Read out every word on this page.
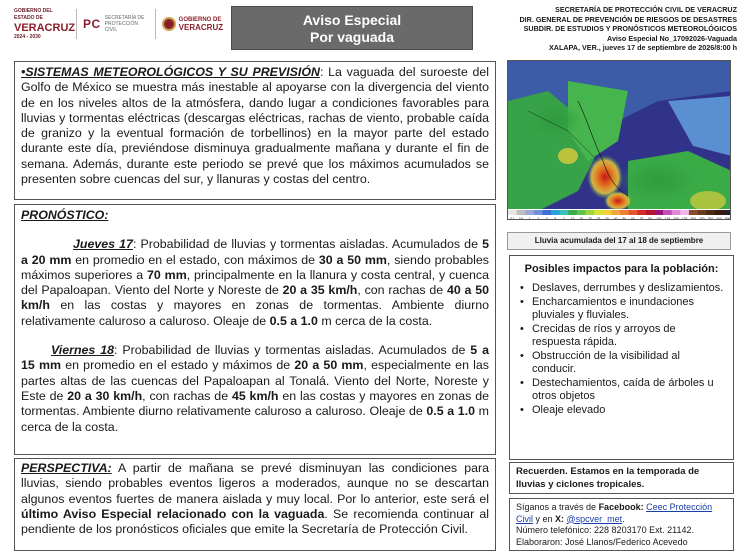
GOBIERNO DEL ESTADO DE
VERACRUZ
2024 - 2030
PC SECRETARÍA DE PROTECCIÓN CIVIL
GOBIERNO DE
VERACRUZ	Aviso Especial
Por vaguada
SECRETARÍA DE PROTECCIÓN CIVIL DE VERACRUZ
DIR. GENERAL DE PREVENCIÓN DE RIESGOS DE DESASTRES
SUBDIR. DE ESTUDIOS Y PRONÓSTICOS METEOROLÓGICOS
Aviso Especial No_17092026-Vaguada
XALAPA, VER., jueves 17 de septiembre de 2026/8:00 h
•SISTEMAS METEOROLÓGICOS Y SU PREVISIÓN: La vaguada del suroeste del Golfo de México se muestra más inestable al apoyarse con la divergencia del viento de en los niveles altos de la atmósfera, dando lugar a condiciones favorables para lluvias y tormentas eléctricas (descargas eléctricas, rachas de viento, probable caída de granizo y la eventual formación de torbellinos) en la mayor parte del estado durante este día, previéndose disminuya gradualmente mañana y durante el fin de semana. Además, durante este periodo se prevé que los máximos acumulados se presenten sobre cuencas del sur, y llanuras y costas del centro.
PRONÓSTICO:
Jueves 17: Probabilidad de lluvias y tormentas aisladas. Acumulados de 5 a 20 mm en promedio en el estado, con máximos de 30 a 50 mm, siendo probables máximos superiores a 70 mm, principalmente en la llanura y costa central, y cuenca del Papaloapan. Viento del Norte y Noreste de 20 a 35 km/h, con rachas de 40 a 50 km/h en las costas y mayores en zonas de tormentas. Ambiente diurno relativamente caluroso a caluroso. Oleaje de 0.5 a 1.0 m cerca de la costa.
Viernes 18: Probabilidad de lluvias y tormentas aisladas. Acumulados de 5 a 15 mm en promedio en el estado y máximos de 20 a 50 mm, especialmente en las partes altas de las cuencas del Papaloapan al Tonalá. Viento del Norte, Noreste y Este de 20 a 30 km/h, con rachas de 45 km/h en las costas y mayores en zonas de tormentas. Ambiente diurno relativamente caluroso a caluroso. Oleaje de 0.5 a 1.0 m cerca de la costa.
PERSPECTIVA: A partir de mañana se prevé disminuyan las condiciones para lluvias, siendo probables eventos ligeros a moderados, aunque no se descartan algunos eventos fuertes de manera aislada y muy local. Por lo anterior, este será el último Aviso Especial relacionado con la vaguada. Se recomienda continuar al pendiente de los pronósticos oficiales que emite la Secretaría de Protección Civil.
0.1 0.5 1 2 3 5 7 10 15 20 25 30 40 50 60 70 80 100 125 150 175 200 250 300 400 500
Lluvia acumulada del 17 al 18 de septiembre
Posibles impactos para la población:
• Deslaves, derrumbes y deslizamientos.
• Encharcamientos e inundaciones pluviales y fluviales.
• Crecidas de ríos y arroyos de respuesta rápida.
• Obstrucción de la visibilidad al conducir.
• Destechamientos, caída de árboles u otros objetos
• Oleaje elevado
Recuerden. Estamos en la temporada de lluvias y ciclones tropicales.
Síganos a través de Facebook: Ceec Protección Civil y en X: @spcver_met.
Número telefónico: 228 8203170 Ext. 21142.
Elaboraron: José Llanos/Federico Acevedo
